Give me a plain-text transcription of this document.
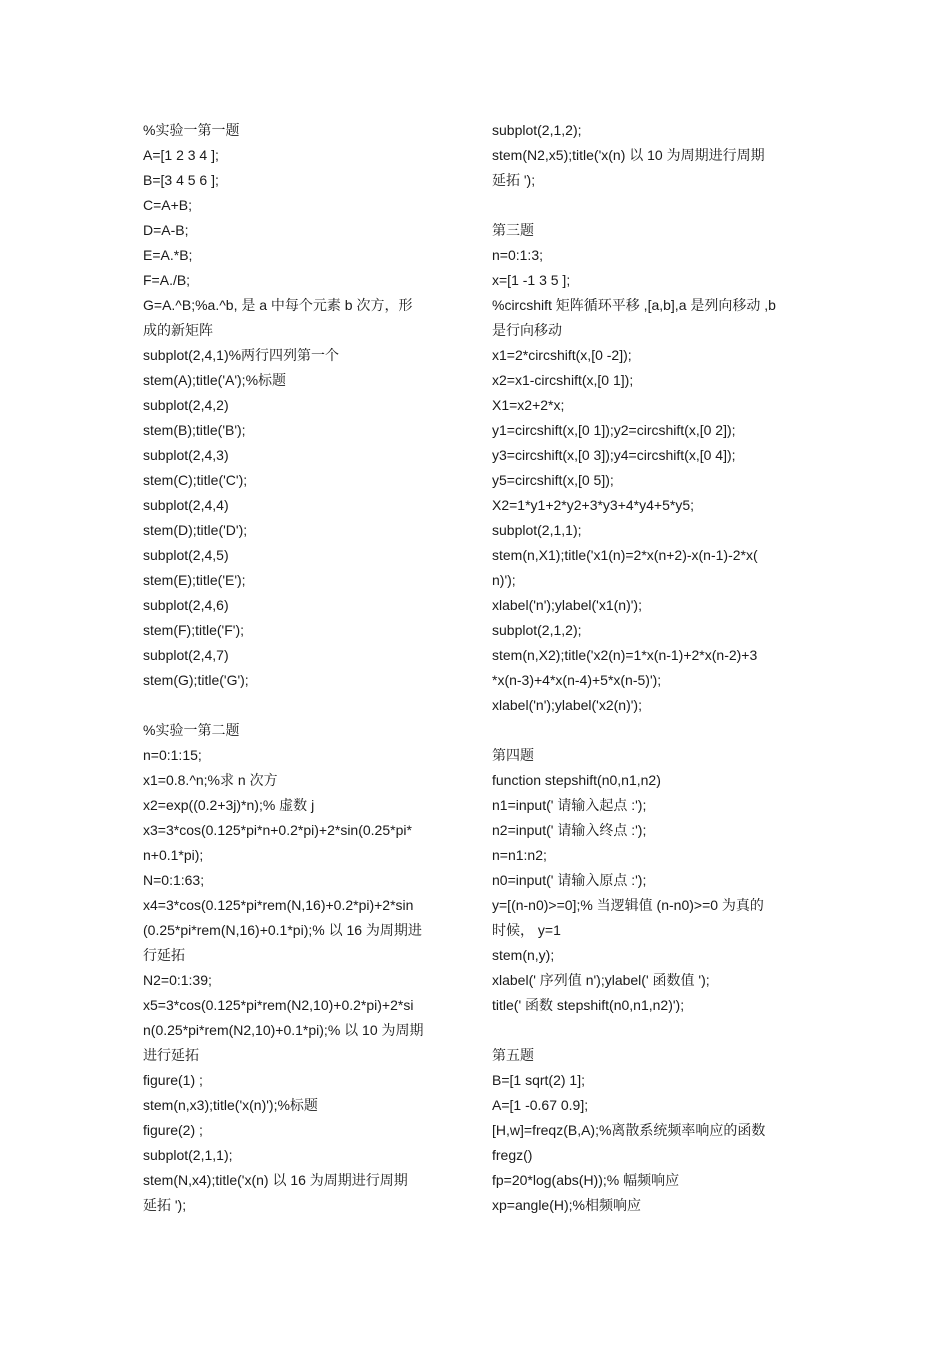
%实验一第一题
A=[1 2 3 4 ];
B=[3 4 5 6 ];
C=A+B;
D=A-B;
E=A.*B;
F=A./B;
G=A.^B;%a.^b, 是 a 中每个元素 b 次方，形
成的新矩阵
subplot(2,4,1)%两行四列第一个
stem(A);title('A');%标题
subplot(2,4,2)
stem(B);title('B');
subplot(2,4,3)
stem(C);title('C');
subplot(2,4,4)
stem(D);title('D');
subplot(2,4,5)
stem(E);title('E');
subplot(2,4,6)
stem(F);title('F');
subplot(2,4,7)
stem(G);title('G');
%实验一第二题
n=0:1:15;
x1=0.8.^n;%求 n 次方
x2=exp((0.2+3j)*n);% 虚数 j
x3=3*cos(0.125*pi*n+0.2*pi)+2*sin(0.25*pi*
n+0.1*pi);
N=0:1:63;
x4=3*cos(0.125*pi*rem(N,16)+0.2*pi)+2*sin
(0.25*pi*rem(N,16)+0.1*pi);% 以 16 为周期进
行延拓
N2=0:1:39;
x5=3*cos(0.125*pi*rem(N2,10)+0.2*pi)+2*si
n(0.25*pi*rem(N2,10)+0.1*pi);% 以 10 为周期
进行延拓
figure(1) ;
stem(n,x3);title('x(n)');%标题
figure(2) ;
subplot(2,1,1);
stem(N,x4);title('x(n) 以 16 为周期进行周期
延拓 ');
subplot(2,1,2);
stem(N2,x5);title('x(n) 以 10 为周期进行周期
延拓 ');
第三题
n=0:1:3;
x=[1 -1 3 5 ];
%circshift 矩阵循环平移 ,[a,b],a 是列向移动 ,b
是行向移动
x1=2*circshift(x,[0 -2]);
x2=x1-circshift(x,[0 1]);
X1=x2+2*x;
y1=circshift(x,[0 1]);y2=circshift(x,[0 2]);
y3=circshift(x,[0 3]);y4=circshift(x,[0 4]);
y5=circshift(x,[0 5]);
X2=1*y1+2*y2+3*y3+4*y4+5*y5;
subplot(2,1,1);
stem(n,X1);title('x1(n)=2*x(n+2)-x(n-1)-2*x(
n)');
xlabel('n');ylabel('x1(n)');
subplot(2,1,2);
stem(n,X2);title('x2(n)=1*x(n-1)+2*x(n-2)+3
*x(n-3)+4*x(n-4)+5*x(n-5)');
xlabel('n');ylabel('x2(n)');
第四题
function stepshift(n0,n1,n2)
n1=input(' 请输入起点 :');
n2=input(' 请输入终点 :');
n=n1:n2;
n0=input(' 请输入原点 :');
y=[(n-n0)>=0];% 当逻辑值 (n-n0)>=0 为真的
时候， y=1
stem(n,y);
xlabel(' 序列值 n');ylabel(' 函数值 ');
title(' 函数 stepshift(n0,n1,n2)');
第五题
B=[1 sqrt(2) 1];
A=[1 -0.67 0.9];
[H,w]=freqz(B,A);%离散系统频率响应的函数
fregz()
fp=20*log(abs(H));% 幅频响应
xp=angle(H);%相频响应
